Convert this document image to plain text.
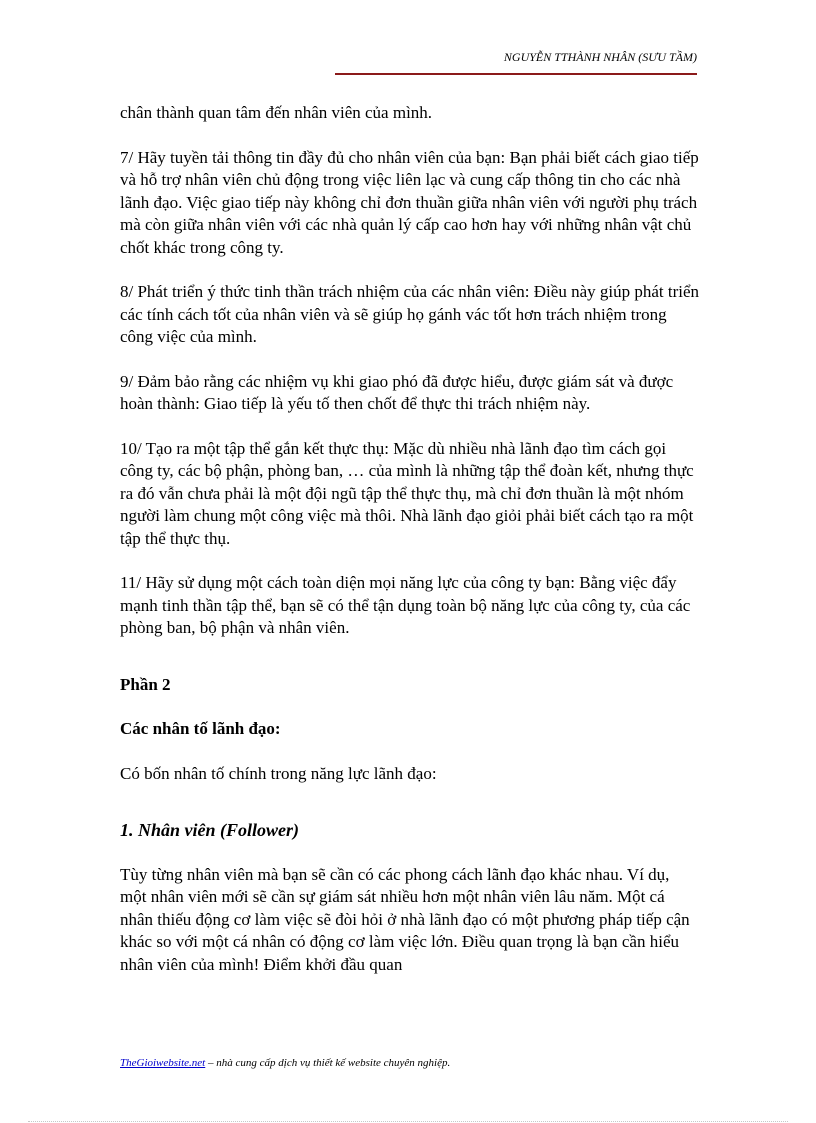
NGUYỄN TTHÀNH NHÂN (SƯU TẦM)

chân thành quan tâm đến nhân viên của mình.

7/ Hãy tuyền tải thông tin đầy đủ cho nhân viên của bạn: Bạn phải biết cách giao tiếp và hỗ trợ nhân viên chủ động trong việc liên lạc và cung cấp thông tin cho các nhà lãnh đạo. Việc giao tiếp này không chỉ đơn thuần giữa nhân viên với người phụ trách mà còn giữa nhân viên với các nhà quản lý cấp cao hơn hay với những nhân vật chủ chốt khác trong công ty.

8/ Phát triển ý thức tinh thần trách nhiệm của các nhân viên: Điều này giúp phát triển các tính cách tốt của nhân viên và sẽ giúp họ gánh vác tốt hơn trách nhiệm trong công việc của mình.

9/ Đảm bảo rằng các nhiệm vụ khi giao phó đã được hiểu, được giám sát và được hoàn thành: Giao tiếp là yếu tố then chốt để thực thi trách nhiệm này.

10/ Tạo ra một tập thể gắn kết thực thụ: Mặc dù nhiều nhà lãnh đạo tìm cách gọi công ty, các bộ phận, phòng ban, … của mình là những tập thể đoàn kết, nhưng thực ra đó vẫn chưa phải là một đội ngũ tập thể thực thụ, mà chỉ đơn thuần là một nhóm người làm chung một công việc mà thôi. Nhà lãnh đạo giỏi phải biết cách tạo ra một tập thể thực thụ.

11/ Hãy sử dụng một cách toàn diện mọi năng lực của công ty bạn: Bằng việc đẩy mạnh tinh thần tập thể, bạn sẽ có thể tận dụng toàn bộ năng lực của công ty, của các phòng ban, bộ phận và nhân viên.

Phần 2

Các nhân tố lãnh đạo:

Có bốn nhân tố chính trong năng lực lãnh đạo:

1. Nhân viên (Follower)

Tùy từng nhân viên mà bạn sẽ cần có các phong cách lãnh đạo khác nhau. Ví dụ, một nhân viên mới sẽ cần sự giám sát nhiều hơn một nhân viên lâu năm. Một cá nhân thiếu động cơ làm việc sẽ đòi hỏi ở nhà lãnh đạo có một phương pháp tiếp cận khác so với một cá nhân có động cơ làm việc lớn. Điều quan trọng là bạn cần hiểu nhân viên của mình! Điểm khởi đầu quan

TheGioiwebsite.net – nhà cung cấp dịch vụ thiết kế website chuyên nghiệp.
